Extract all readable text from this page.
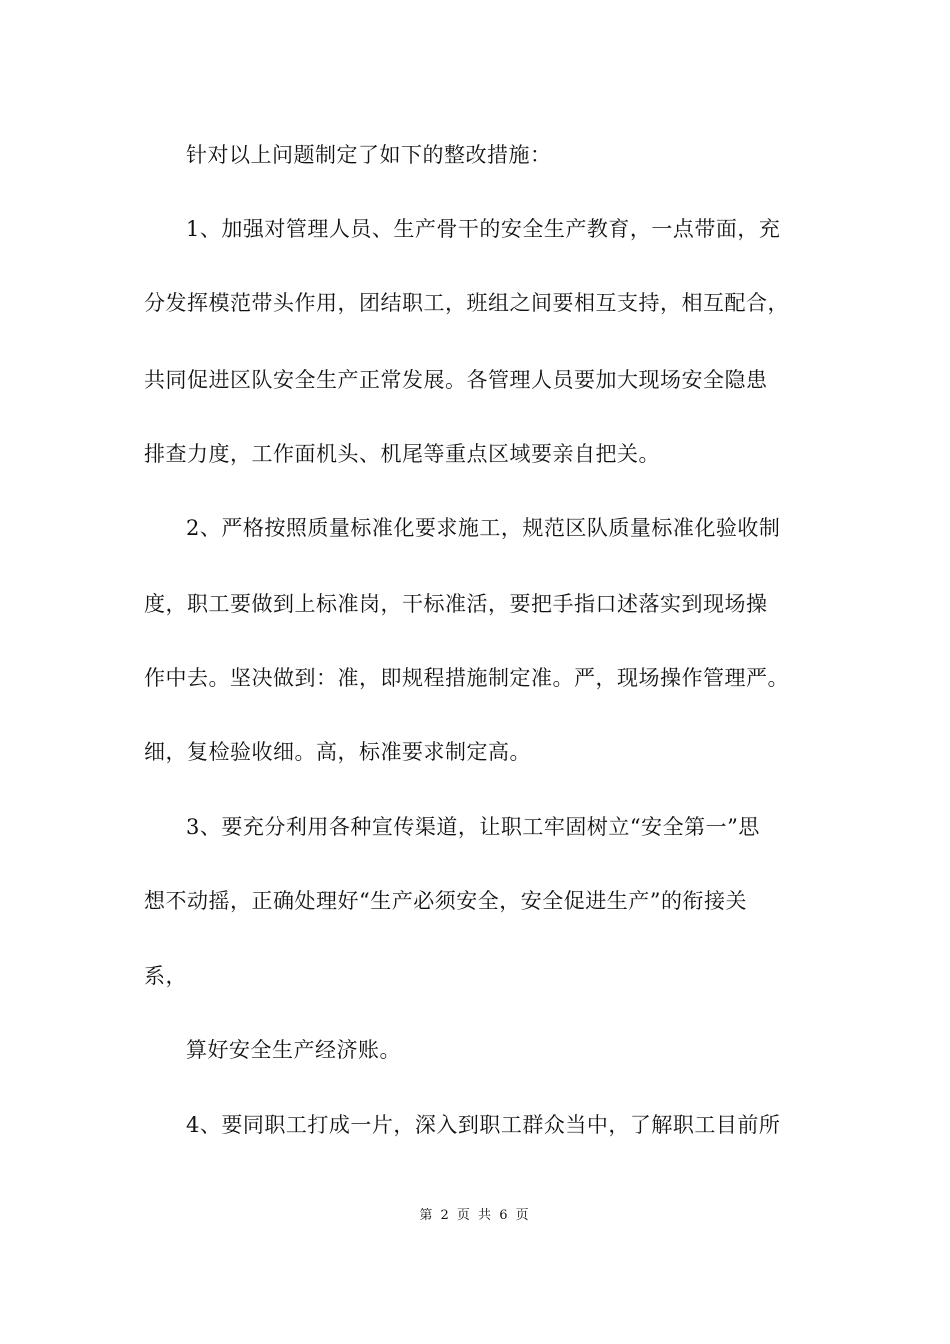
针对以上问题制定了如下的整改措施：
1、加强对管理人员、生产骨干的安全生产教育，一点带面，充
分发挥模范带头作用，团结职工，班组之间要相互支持，相互配合，
共同促进区队安全生产正常发展。各管理人员要加大现场安全隐患
排查力度，工作面机头、机尾等重点区域要亲自把关。
2、严格按照质量标准化要求施工，规范区队质量标准化验收制
度，职工要做到上标准岗，干标准活，要把手指口述落实到现场操
作中去。坚决做到：准，即规程措施制定准。严，现场操作管理严。
细，复检验收细。高，标准要求制定高。
3、要充分利用各种宣传渠道，让职工牢固树立“安全第一”思
想不动摇，正确处理好“生产必须安全，安全促进生产”的衔接关
系，
算好安全生产经济账。
4、要同职工打成一片，深入到职工群众当中，了解职工目前所
第 2 页 共 6 页
